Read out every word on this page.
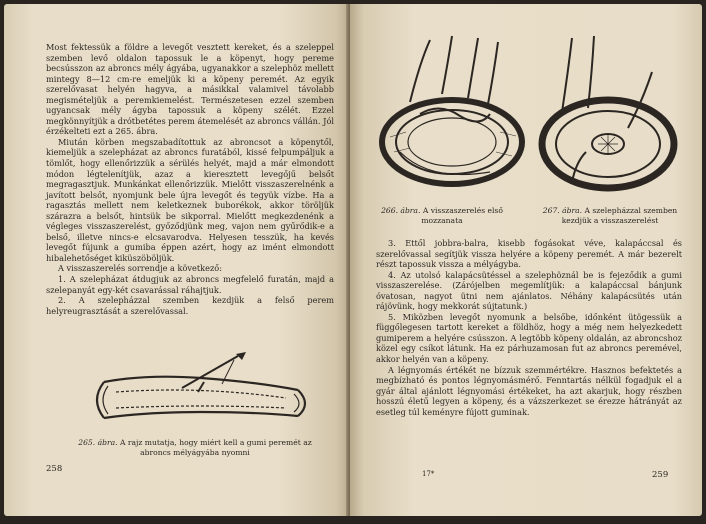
Most fektessük a földre a levegőt vesztett kereket, és a szeleppel szemben levő oldalon tapossuk le a köpenyt, hogy pereme becsússzon az abroncs mély ágyába, ugyanakkor a szelephöz mellett mintegy 8—12 cm-re emeljük ki a köpeny peremét. Az egyik szerelővasat helyén hagyva, a másikkal valamivel távolabb megismételjük a peremkiemelést. Természetesen ezzel szemben ugyancsak mély ágyba tapossuk a köpeny szélét. Ezzel megkönnyítjük a drótbetétes perem átemelését az abroncs vállán. Jól érzékelteti ezt a 265. ábra.

Miután körben megszabadítottuk az abroncsot a köpenytől, kiemeljük a szelepházat az abroncs furatából, kissé felpumpáljuk a tömlőt, hogy ellenőrizzük a sérülés helyét, majd a már elmondott módon légtelenítjük, azaz a kieresztett levegőjű belsőt megragasztjuk. Munkánkat ellenőrizzük. Mielőtt visszaszerelnénk a javított belsőt, nyomjunk bele újra levegőt és tegyük vízbe. Ha a ragasztás mellett nem keletkeznek buborékok, akkor töröljük szárazra a belsőt, hintsük be sikporral. Mielőtt megkezdenénk a végleges visszaszerelést, győződjünk meg, vajon nem gyűrődik-e a belső, illetve nincs-e elcsavarodva. Helyesen tesszük, ha kevés levegőt fújunk a gumiba éppen azért, hogy az imént elmondott hibalehetőséget kiküszöböljük.

A visszaszerelés sorrendje a következő:

1. A szelepházat átdugjuk az abroncs megfelelő furatán, majd a szelepanyát egy-két csavarással ráhajtjuk.

2. A szelepházzal szemben kezdjük a felső perem helyreugrasztását a szerelővassal.

265. ábra. A rajz mutatja, hogy miért kell a gumi peremét az abroncs mélyágyába nyomni
258
266. ábra. A visszaszerelés első mozzanata
267. ábra. A szelepházzal szemben kezdjük a visszaszerelést

3. Ettől jobbra-balra, kisebb fogásokat véve, kalapáccsal és szerelővassal segítjük vissza helyére a köpeny peremét. A már bezerelt részt tapossuk vissza a mélyágyba.

4. Az utolsó kalapácsütéssel a szelephöznál be is fejeződik a gumi visszaszerelése. (Zárójelben megemlítjük: a kalapáccsal bánjunk óvatosan, nagyot ütni nem ajánlatos. Néhány kalapácsütés után rájövünk, hogy mekkorát sújtatunk.)

5. Miközben levegőt nyomunk a belsőbe, időnként ütögessük a függőlegesen tartott kereket a földhöz, hogy a még nem helyezkedett gumiperem a helyére csússzon. A legtöbb köpeny oldalán, az abroncshoz közel egy csíkot látunk. Ha ez párhuzamosan fut az abroncs peremével, akkor helyén van a köpeny.

A légnyomás értékét ne bízzuk szemmértékre. Hasznos befektetés a megbízható és pontos légnyomásmérő. Fenntartás nélkül fogadjuk el a gyár által ajánlott légnyomási értékeket, ha azt akarjuk, hogy részben hosszú életű legyen a köpeny, és a vázszerkezet se érezze hátrányát az esetleg túl keményre fújott guminak.

17*	259
